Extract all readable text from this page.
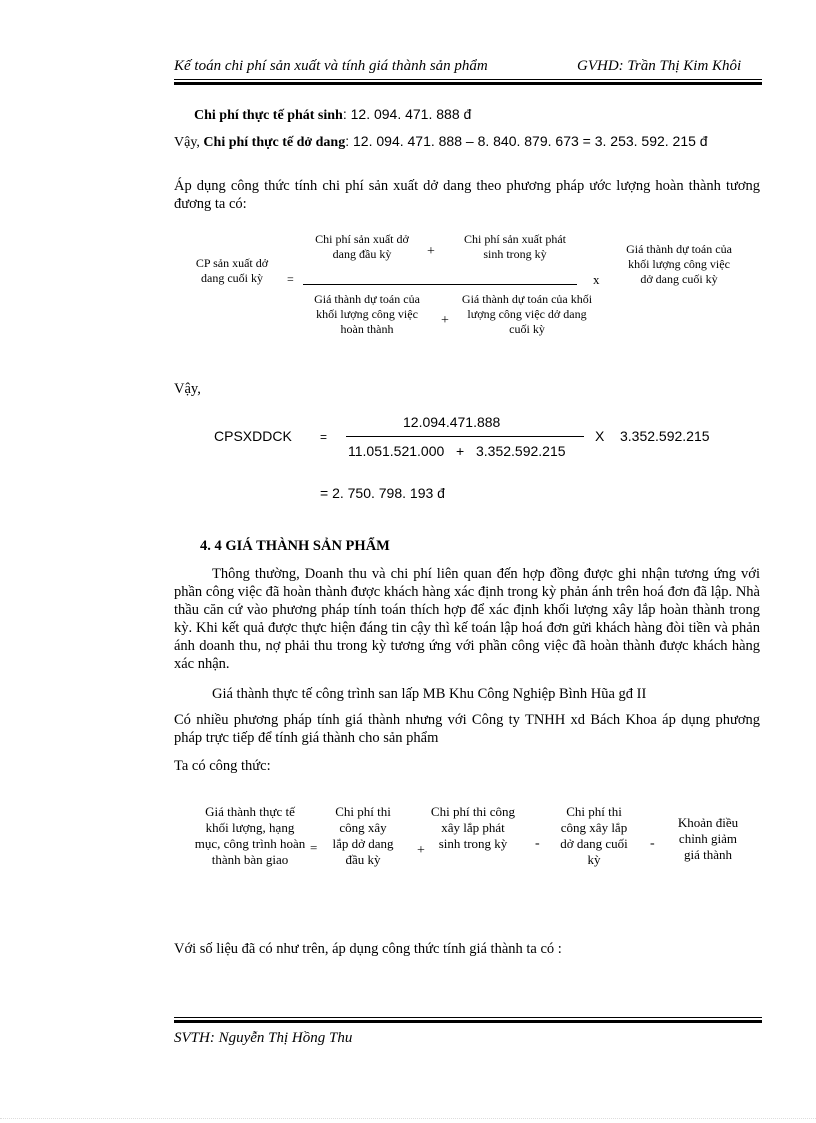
Kế toán chi phí sản xuất và tính giá thành sản phẩm	GVHD: Trần Thị Kim Khôi
Chi phí thực tế phát sinh: 12. 094. 471. 888 đ
Vậy, Chi phí thực tế dở dang: 12. 094. 471. 888 – 8. 840. 879. 673 = 3. 253. 592. 215 đ
Áp dụng công thức tính chi phí sản xuất dở dang theo phương pháp ước lượng hoàn thành tương đương ta có:
CP sản xuất dở dang cuối kỳ	=
Chi phí sản xuất dở dang đầu kỳ	+
Chi phí sản xuất phát sinh trong kỳ
x
Giá thành dự toán của khối lượng công việc hoàn thành
+
Giá thành dự toán của khối lượng công việc dở dang cuối kỳ
Giá thành dự toán của khối lượng công việc dở dang cuối kỳ
Vậy,
CPSXDDCK =
12.094.471.888
11.051.521.000 + 3.352.592.215
X 3.352.592.215
= 2. 750. 798. 193 đ
4. 4 GIÁ THÀNH SẢN PHẨM
Thông thường, Doanh thu và chi phí liên quan đến hợp đồng được ghi nhận tương ứng với phần công việc đã hoàn thành được khách hàng xác định trong kỳ phản ánh trên hoá đơn đã lập. Nhà thầu căn cứ vào phương pháp tính toán thích hợp để xác định khối lượng xây lắp hoàn thành trong kỳ. Khi kết quả được thực hiện đáng tin cậy thì kế toán lập hoá đơn gửi khách hàng đòi tiền và phản ánh doanh thu, nợ phải thu trong kỳ tương ứng với phần công việc đã hoàn thành được khách hàng xác nhận.
Giá thành thực tế công trình san lấp MB Khu Công Nghiệp Bình Hũa gđ II
Có nhiều phương pháp tính giá thành nhưng với Công ty TNHH xd Bách Khoa áp dụng phương pháp trực tiếp để tính giá thành cho sản phẩm
Ta có công thức:
Giá thành thực tế khối lượng, hạng mục, công trình hoàn thành bàn giao
=
Chi phí thi công xây lắp dở dang đầu kỳ
+
Chi phí thi công xây lắp phát sinh trong kỳ	-
Chi phí thi công xây lắp dở dang cuối kỳ
-
Khoản điều chỉnh giảm giá thành
Với số liệu đã có như trên, áp dụng công thức tính giá thành ta có :
SVTH: Nguyễn Thị Hồng Thu
